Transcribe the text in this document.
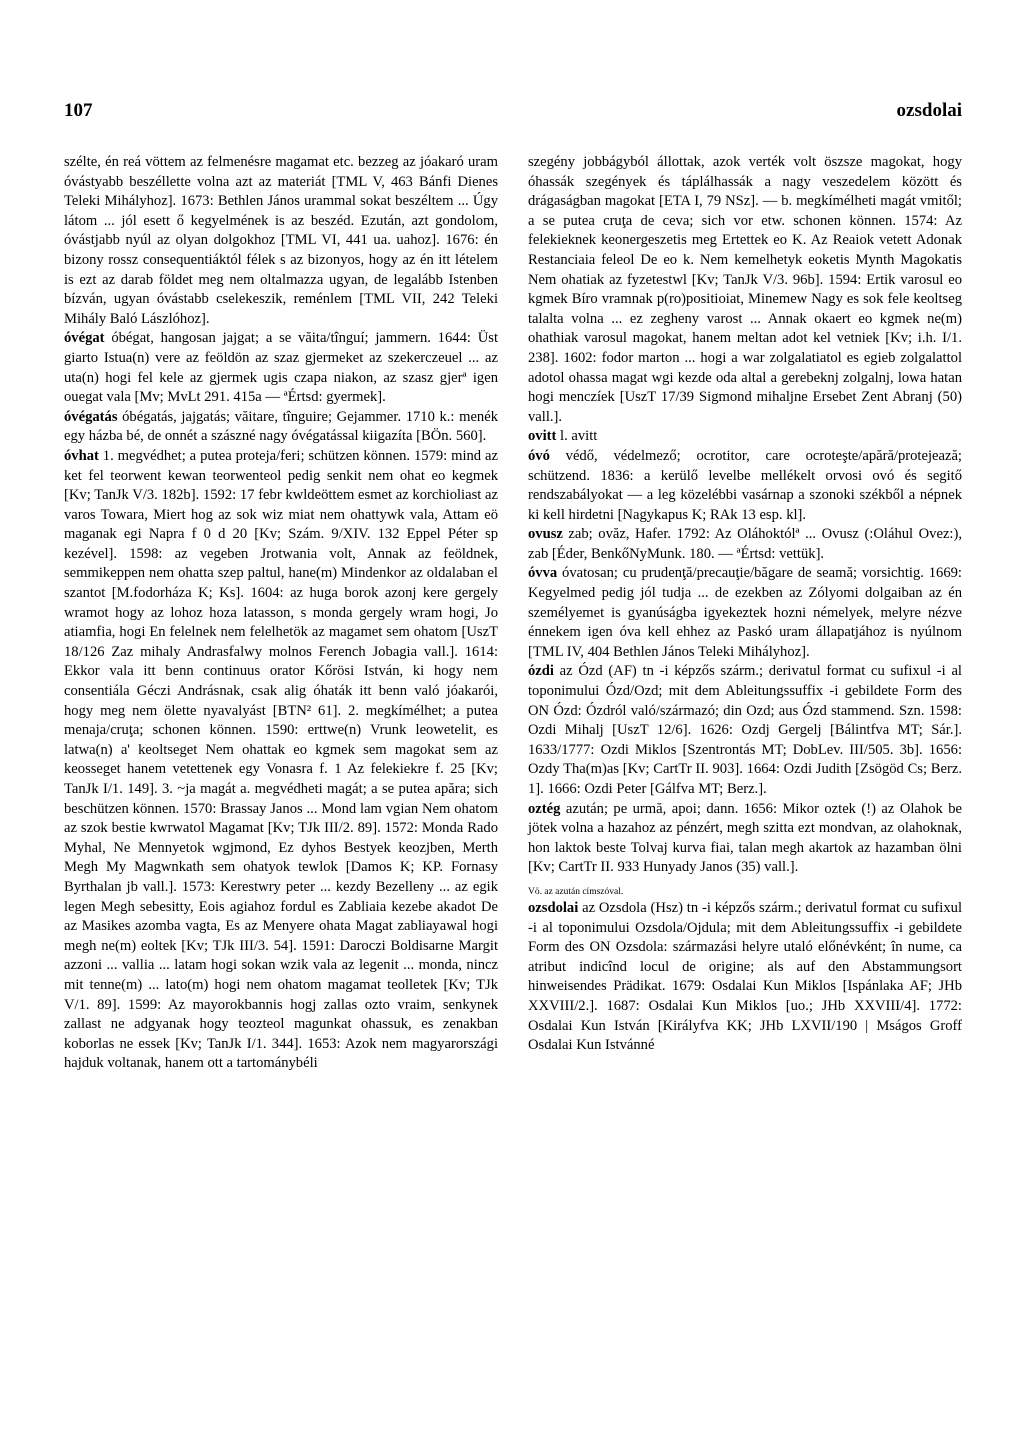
107	ozsdolai

szélte, én reá vöttem az felmenésre magamat etc. bezzeg az jóakaró uram óvástyabb beszéllette volna azt az materiát [TML V, 463 Bánfi Dienes Teleki Mihályhoz]. 1673: Bethlen János urammal sokat beszéltem ... Úgy látom ... jól esett ő kegyelmének is az beszéd. Ezután, azt gondolom, óvástjabb nyúl az olyan dolgokhoz [TML VI, 441 ua. uahoz]. 1676: én bizony rossz consequentiáktól félek s az bizonyos, hogy az én itt lételem is ezt az darab földet meg nem oltalmazza ugyan, de legalább Istenben bízván, ugyan óvástabb cselekeszik, reménlem [TML VII, 242 Teleki Mihály Baló Lászlóhoz].

óvégat óbégat, hangosan jajgat; a se văita/tînguí; jammern. 1644: Üst giarto Istua(n) vere az feöldön az szaz gjermeket az szekerczeuel ... az uta(n) hogi fel kele az gjermek ugis czapa niakon, az szasz gjerª igen ouegat vala [Mv; MvLt 291. 415a — ªÉrtsd: gyermek].

óvégatás óbégatás, jajgatás; văitare, tînguire; Gejammer. 1710 k.: menék egy házba bé, de onnét a szászné nagy óvégatással kiigazíta [BÖn. 560].

óvhat 1. megvédhet; a putea proteja/feri; schützen können. 1579: mind az ket fel teorwent kewan teorwenteol pedig senkit nem ohat eo kegmek [Kv; TanJk V/3. 182b]. 1592: 17 febr kwldeöttem esmet az korchioliast az varos Towara, Miert hog az sok wiz miat nem ohattywk vala, Attam eö maganak egi Napra f 0 d 20 [Kv; Szám. 9/XIV. 132 Eppel Péter sp kezével]. 1598: az vegeben Jrotwania volt, Annak az feöldnek, semmikeppen nem ohatta szep paltul, hane(m) Mindenkor az oldalaban el szantot [M.fodorháza K; Ks]. 1604: az huga borok azonj kere gergely wramot hogy az lohoz hoza latasson, s monda gergely wram hogi, Jo atiamfia, hogi En felelnek nem felelhetök az magamet sem ohatom [UszT 18/126 Zaz mihaly Andrasfalwy molnos Ferench Jobagia vall.]. 1614: Ekkor vala itt benn continuus orator Kőrösi István, ki hogy nem consentiála Géczi Andrásnak, csak alig óhaták itt benn való jóakarói, hogy meg nem ölette nyavalyást [BTN² 61]. 2. megkímélhet; a putea menaja/cruţa; schonen können. 1590: erttwe(n) Vrunk leowetelit, es latwa(n) a' keoltseget Nem ohattak eo kgmek sem magokat sem az keosseget hanem vetettenek egy Vonasra f. 1 Az felekiekre f. 25 [Kv; TanJk I/1. 149]. 3. ~ja magát a. megvédheti magát; a se putea apăra; sich beschützen können. 1570: Brassay Janos ... Mond lam vgian Nem ohatom az szok bestie kwrwatol Magamat [Kv; TJk III/2. 89]. 1572: Monda Rado Myhal, Ne Mennyetok wgjmond, Ez dyhos Bestyek keozjben, Merth Megh My Magwnkath sem ohatyok tewlok [Damos K; KP. Fornasy Byrthalan jb vall.]. 1573: Kerestwry peter ... kezdy Bezelleny ... az egik legen Megh sebesitty, Eois agiahoz fordul es Zabliaia kezebe akadot De az Masikes azomba vagta, Es az Menyere ohata Magat zabliayawal hogi megh ne(m) eoltek [Kv; TJk III/3. 54]. 1591: Daroczi Boldisarne Margit azzoni ... vallia ... latam hogi sokan wzik vala az legenit ... monda, nincz mit tenne(m) ... lato(m) hogi nem ohatom magamat teolletek [Kv; TJk V/1. 89]. 1599: Az mayorokbannis hogj zallas ozto vraim, senkynek zallast ne adgyanak hogy teozteol magunkat ohassuk, es zenakban koborlas ne essek [Kv; TanJk I/1. 344]. 1653: Azok nem magyarországi hajduk voltanak, hanem ott a tartománybéli

szegény jobbágyból állottak, azok verték volt öszsze magokat, hogy óhassák szegények és táplálhassák a nagy veszedelem között és drágaságban magokat [ETA I, 79 NSz]. — b. megkímélheti magát vmitől; a se putea cruţa de ceva; sich vor etw. schonen können. 1574: Az felekieknek keonergeszetis meg Ertettek eo K. Az Reaiok vetett Adonak Restanciaia feleol De eo k. Nem kemelhetyk eoketis Mynth Magokatis Nem ohatiak az fyzetestwl [Kv; TanJk V/3. 96b]. 1594: Ertik varosul eo kgmek Bíro vramnak p(ro)positioiat, Minemew Nagy es sok fele keoltseg talalta volna ... ez zegheny varost ... Annak okaert eo kgmek ne(m) ohathiak varosul magokat, hanem meltan adot kel vetniek [Kv; i.h. I/1. 238]. 1602: fodor marton ... hogi a war zolgalatiatol es egieb zolgalattol adotol ohassa magat wgi kezde oda altal a gerebeknj zolgalnj, lowa hatan hogi menczíek [UszT 17/39 Sigmond mihaljne Ersebet Zent Abranj (50) vall.].

ovitt l. avitt

óvó védő, védelmező; ocrotitor, care ocroteşte/apără/protejează; schützend. 1836: a kerülő levelbe mellékelt orvosi ovó és segitő rendszabályokat — a leg közelébbi vasárnap a szonoki székből a népnek ki kell hirdetni [Nagykapus K; RAk 13 esp. kl].

ovusz zab; ovăz, Hafer. 1792: Az Oláhoktólª ... Ovusz (:Oláhul Ovez:), zab [Éder, BenkőNyMunk. 180. — ªÉrtsd: vettük].

óvva óvatosan; cu prudenţă/precauţie/băgare de seamă; vorsichtig. 1669: Kegyelmed pedig jól tudja ... de ezekben az Zólyomi dolgaiban az én személyemet is gyanúságba igyekeztek hozni némelyek, melyre nézve énnekem igen óva kell ehhez az Paskó uram állapatjához is nyúlnom [TML IV, 404 Bethlen János Teleki Mihályhoz].

ózdi az Ózd (AF) tn -i képzős szárm.; derivatul format cu sufixul -i al toponimului Ózd/Ozd; mit dem Ableitungssuffix -i gebildete Form des ON Ózd: Ózdról való/származó; din Ozd; aus Ózd stammend. Szn. 1598: Ozdi Mihalj [UszT 12/6]. 1626: Ozdj Gergelj [Bálintfva MT; Sár.]. 1633/1777: Ozdi Miklos [Szentrontás MT; DobLev. III/505. 3b]. 1656: Ozdy Tha(m)as [Kv; CartTr II. 903]. 1664: Ozdi Judith [Zsögöd Cs; Berz. 1]. 1666: Ozdi Peter [Gálfva MT; Berz.].

oztég azután; pe urmă, apoi; dann. 1656: Mikor oztek (!) az Olahok be jötek volna a hazahoz az pénzért, megh szitta ezt mondvan, az olahoknak, hon laktok beste Tolvaj kurva fiai, talan megh akartok az hazamban ölni [Kv; CartTr II. 933 Hunyady Janos (35) vall.].

Vö. az azután címszóval.

ozsdolai az Ozsdola (Hsz) tn -i képzős szárm.; derivatul format cu sufixul -i al toponimului Ozsdola/Ojdula; mit dem Ableitungssuffix -i gebildete Form des ON Ozsdola: származási helyre utaló előnévként; în nume, ca atribut indicînd locul de origine; als auf den Abstammungsort hinweisendes Prädikat. 1679: Osdalai Kun Miklos [Ispánlaka AF; JHb XXVIII/2.]. 1687: Osdalai Kun Miklos [uo.; JHb XXVIII/4]. 1772: Osdalai Kun István [Királyfva KK; JHb LXVII/190 | Mságos Groff Osdalai Kun Istvánné
